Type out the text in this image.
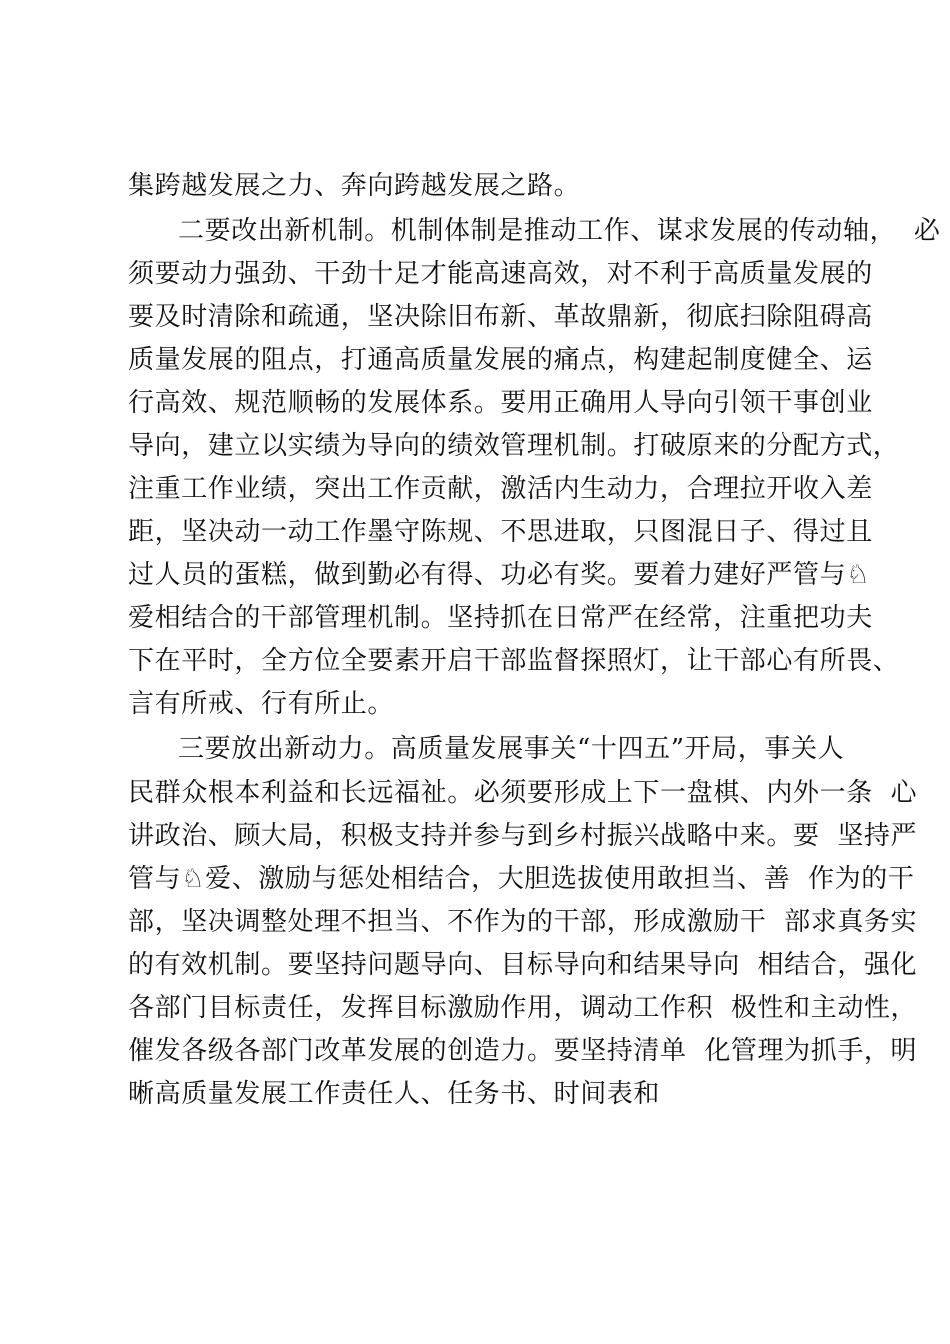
集跨越发展之力、奔向跨越发展之路。
二要改出新机制。机制体制是推动工作、谋求发展的传动轴，  必
须要动力强劲、干劲十足才能高速高效，对不利于高质量发展的
要及时清除和疏通，坚决除旧布新、革故鼎新，彻底扫除阻碍高
质量发展的阻点，打通高质量发展的痛点，构建起制度健全、运
行高效、规范顺畅的发展体系。要用正确用人导向引领干事创业
导向，建立以实绩为导向的绩效管理机制。打破原来的分配方式，
注重工作业绩，突出工作贡献，激活内生动力，合理拉开收入差
距，坚决动一动工作墨守陈规、不思进取，只图混日子、得过且
过人员的蛋糕，做到勤必有得、功必有奖。要着力建好严管与♘
爱相结合的干部管理机制。坚持抓在日常严在经常，注重把功夫
下在平时，全方位全要素开启干部监督探照灯，让干部心有所畏、
言有所戒、行有所止。
三要放出新动力。高质量发展事关“十四五”开局，事关人
民群众根本利益和长远福祉。必须要形成上下一盘棋、内外一条  心
讲政治、顾大局，积极支持并参与到乡村振兴战略中来。要  坚持严
管与♘爱、激励与惩处相结合，大胆选拔使用敢担当、善  作为的干
部，坚决调整处理不担当、不作为的干部，形成激励干  部求真务实
的有效机制。要坚持问题导向、目标导向和结果导向  相结合，强化
各部门目标责任，发挥目标激励作用，调动工作积  极性和主动性，
催发各级各部门改革发展的创造力。要坚持清单  化管理为抓手，明
晰高质量发展工作责任人、任务书、时间表和
